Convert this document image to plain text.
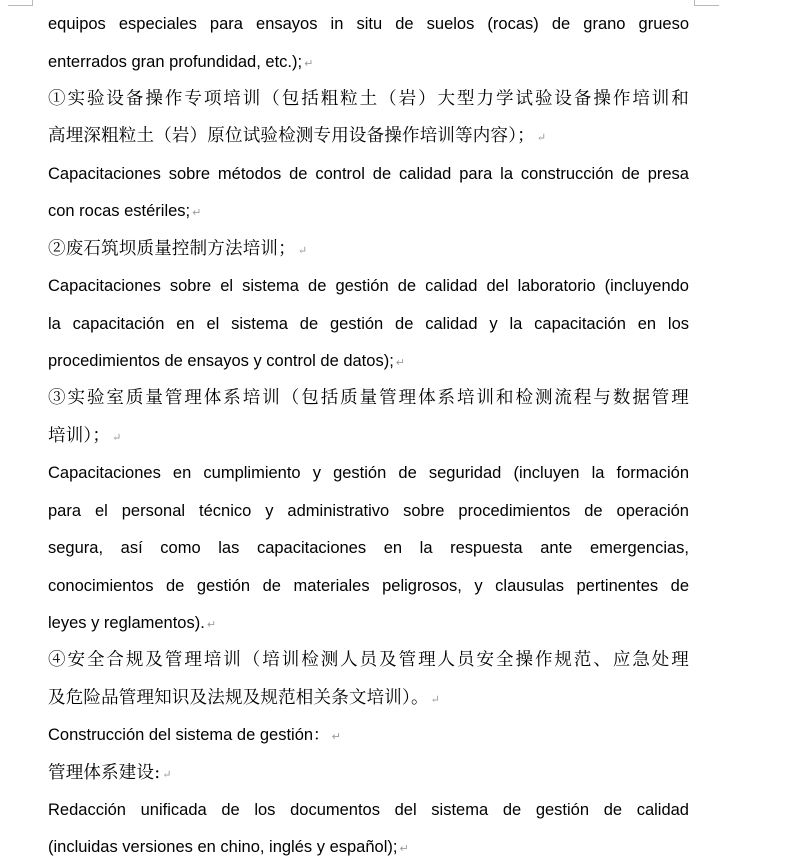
equipos especiales para ensayos in situ de suelos (rocas) de grano grueso
enterrados gran profundidad, etc.); ↵
①实验设备操作专项培训（包括粗粒土（岩）大型力学试验设备操作培训和
高埋深粗粒土（岩）原位试验检测专用设备操作培训等内容）； ↵
Capacitaciones sobre métodos de control de calidad para la construcción de presa
con rocas estériles; ↵
②废石筑坝质量控制方法培训； ↵
Capacitaciones sobre el sistema de gestión de calidad del laboratorio (incluyendo
la capacitación en el sistema de gestión de calidad y la capacitación en los
procedimientos de ensayos y control de datos); ↵
③实验室质量管理体系培训（包括质量管理体系培训和检测流程与数据管理
培训）； ↵
Capacitaciones en cumplimiento y gestión de seguridad (incluyen la formación
para el personal técnico y administrativo sobre procedimientos de operación
segura, así como las capacitaciones en la respuesta ante emergencias,
conocimientos de gestión de materiales peligrosos, y clausulas pertinentes de
leyes y reglamentos). ↵
④安全合规及管理培训（培训检测人员及管理人员安全操作规范、应急处理
及危险品管理知识及法规及规范相关条文培训）。 ↵
Construcción del sistema de gestión： ↵
管理体系建设: ↵
Redacción unificada de los documentos del sistema de gestión de calidad
(incluidas versiones en chino, inglés y español); ↵
